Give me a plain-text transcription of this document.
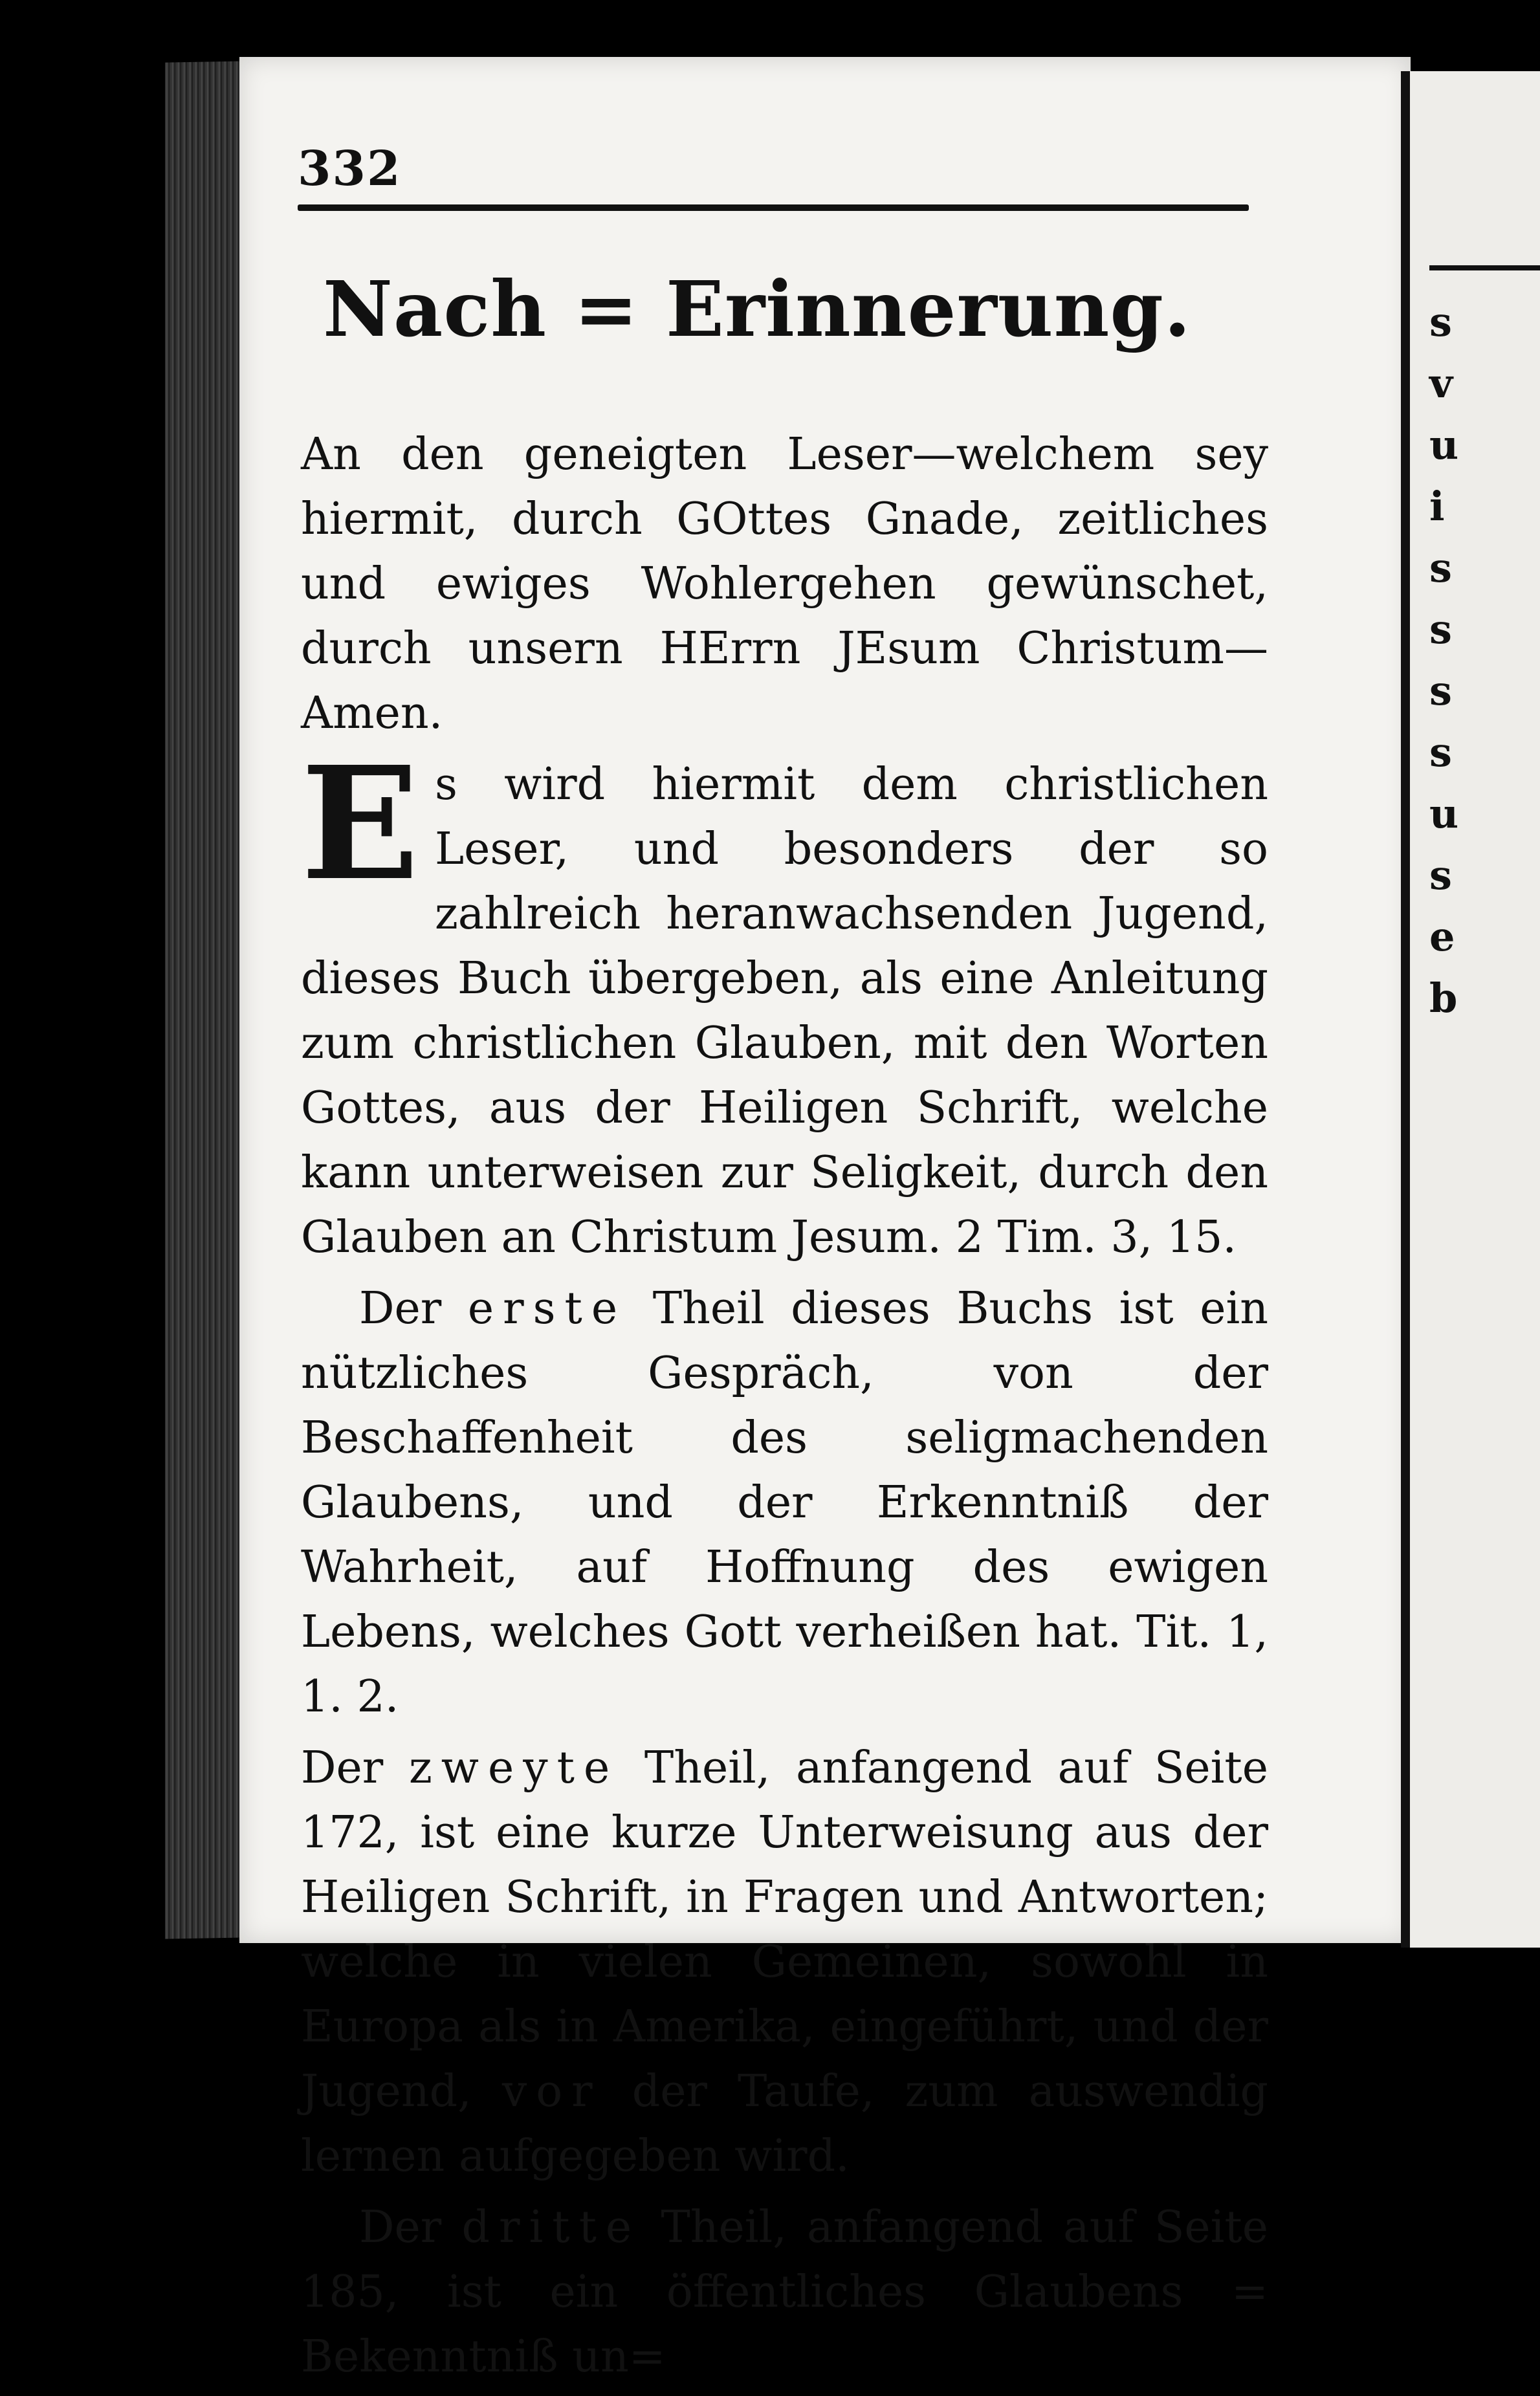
332
Nach = Erinnerung.

An den geneigten Leser—welchem sey hiermit, durch GOttes Gnade, zeitliches und ewiges Wohlergehen gewünschet, durch unsern HErrn JEsum Christum—Amen.

E s wird hiermit dem christlichen Leser, und besonders der so zahlreich heranwachsenden Jugend, dieses Buch übergeben, als eine Anleitung zum christlichen Glauben, mit den Worten Gottes, aus der Heiligen Schrift, welche kann unterweisen zur Seligkeit, durch den Glauben an Christum Jesum. 2 Tim. 3, 15.
Der erste Theil dieses Buchs ist ein nützliches Gespräch, von der Beschaffenheit des seligmachenden Glaubens, und der Erkenntniß der Wahrheit, auf Hoffnung des ewigen Lebens, welches Gott verheißen hat. Tit. 1, 1. 2.
Der zweyte Theil, anfangend auf Seite 172, ist eine kurze Unterweisung aus der Heiligen Schrift, in Fragen und Antworten; welche in vielen Gemeinen, sowohl in Europa als in Amerika, eingeführt, und der Jugend, vor der Taufe, zum auswendig lernen aufgegeben wird.
Der dritte Theil, anfangend auf Seite 185, ist ein öffentliches Glaubens = Bekenntniß un=
s
v
u
i
s
s
s
s
u
s
e
b
